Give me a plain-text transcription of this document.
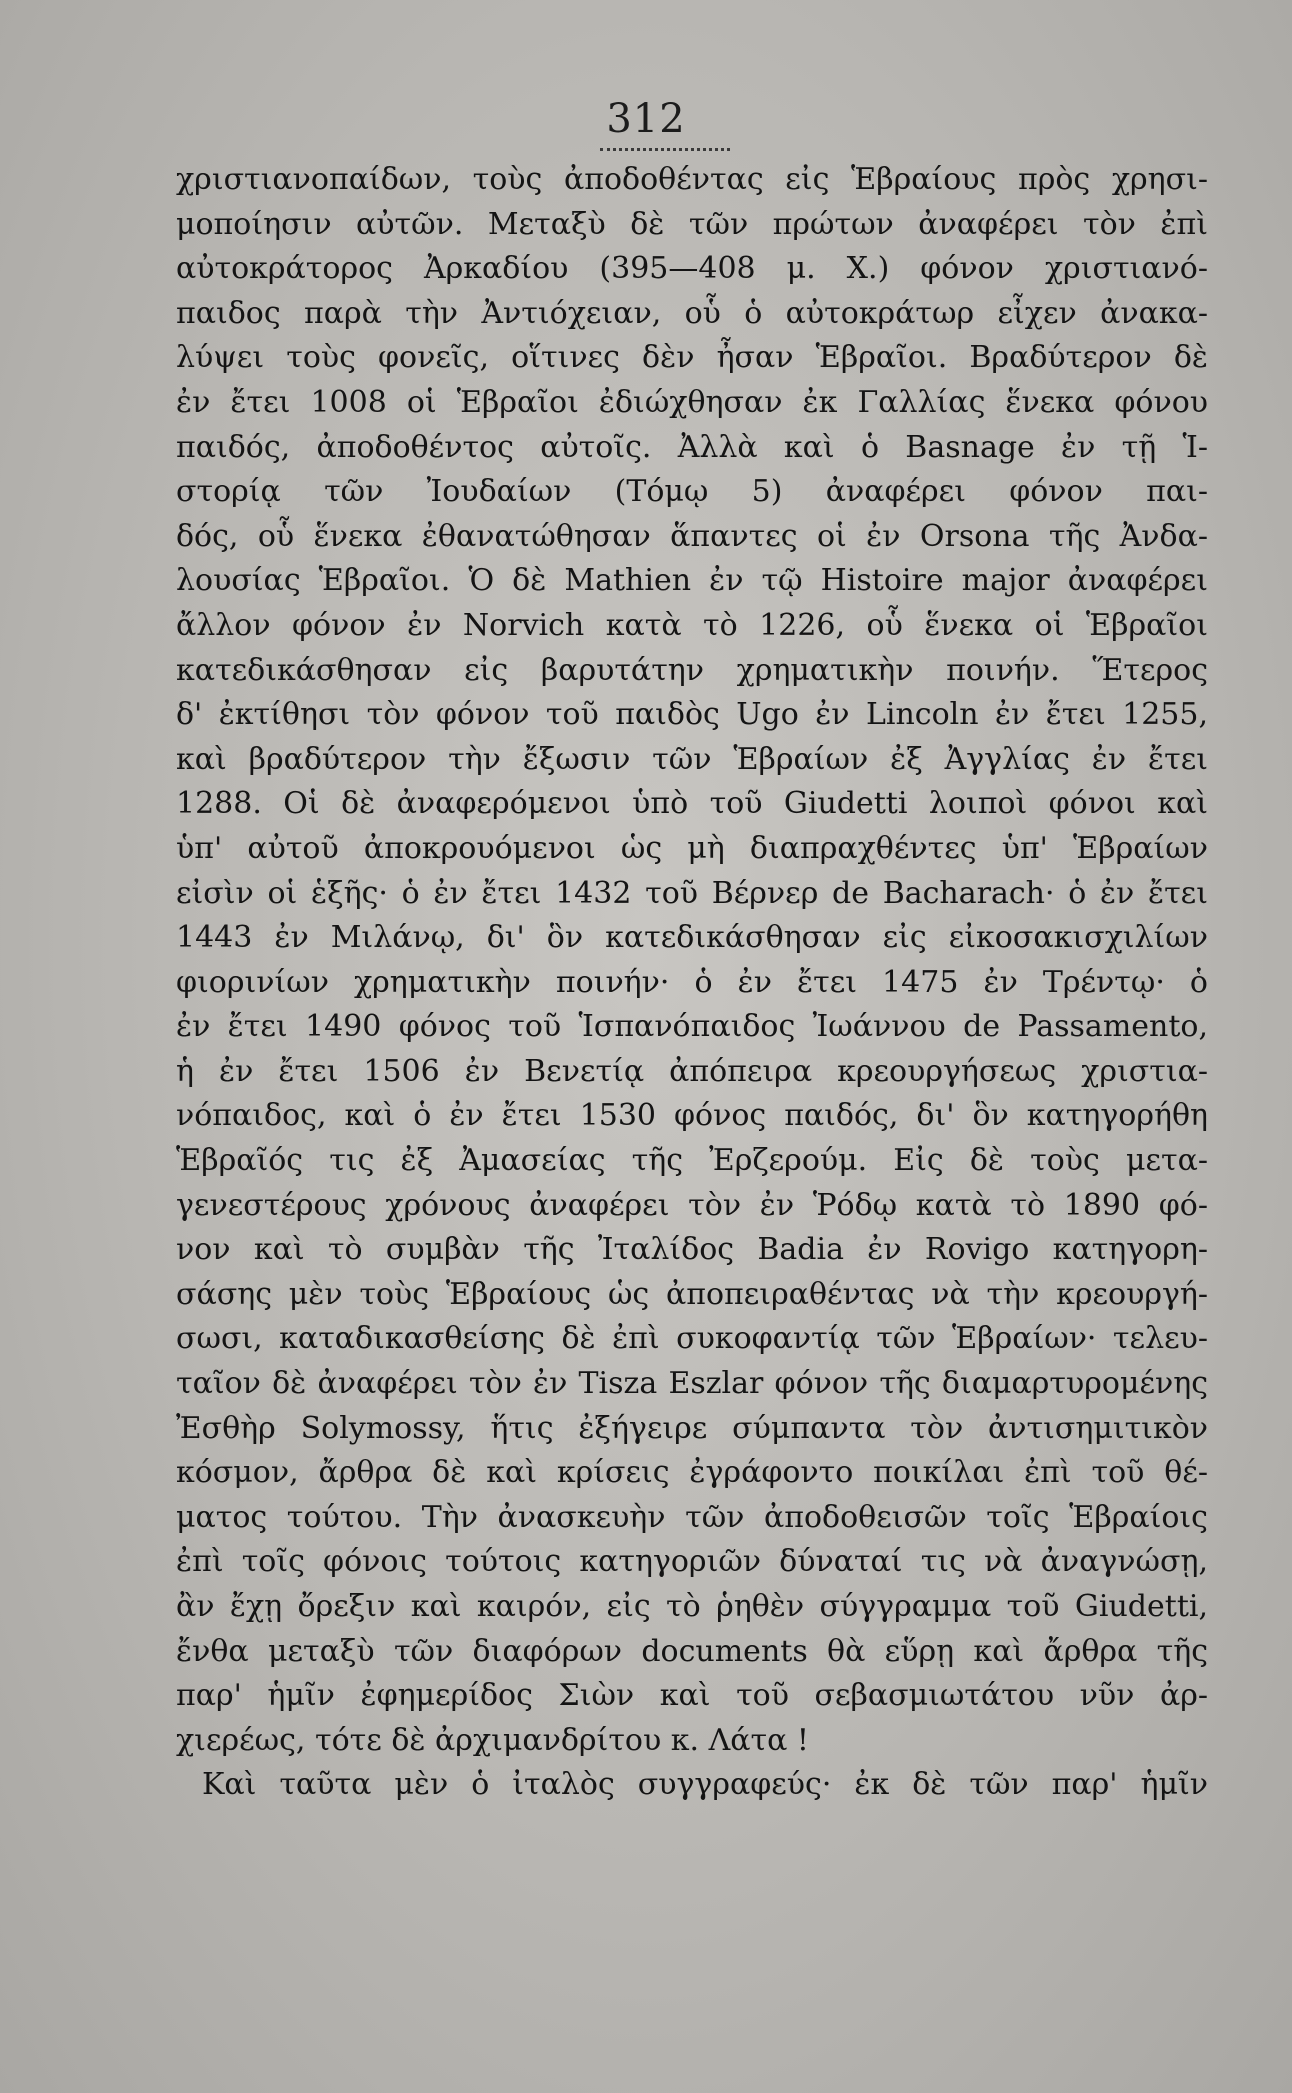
312
χριστιανοπαίδων, τοὺς ἀποδοθέντας εἰς Ἑβραίους πρὸς χρησι-
μοποίησιν αὐτῶν. Μεταξὺ δὲ τῶν πρώτων ἀναφέρει τὸν ἐπὶ
αὐτοκράτορος Ἀρκαδίου (395—408 μ. Χ.) φόνον χριστιανό-
παιδος παρὰ τὴν Ἀντιόχειαν, οὗ ὁ αὐτοκράτωρ εἶχεν ἀνακα-
λύψει τοὺς φονεῖς, οἵτινες δὲν ἦσαν Ἑβραῖοι. Βραδύτερον δὲ
ἐν ἔτει 1008 οἱ Ἑβραῖοι ἐδιώχθησαν ἐκ Γαλλίας ἕνεκα φόνου
παιδός, ἀποδοθέντος αὐτοῖς. Ἀλλὰ καὶ ὁ Basnage ἐν τῇ Ἱ-
στορίᾳ τῶν Ἰουδαίων (Τόμῳ 5) ἀναφέρει φόνον παι-
δός, οὗ ἕνεκα ἐθανατώθησαν ἅπαντες οἱ ἐν Orsona τῆς Ἀνδα-
λουσίας Ἑβραῖοι. Ὁ δὲ Mathien ἐν τῷ Histoire major ἀναφέρει
ἄλλον φόνον ἐν Norvich κατὰ τὸ 1226, οὗ ἕνεκα οἱ Ἑβραῖοι
κατεδικάσθησαν εἰς βαρυτάτην χρηματικὴν ποινήν. Ἕτερος
δ' ἐκτίθησι τὸν φόνον τοῦ παιδὸς Ugo ἐν Lincoln ἐν ἔτει 1255,
καὶ βραδύτερον τὴν ἔξωσιν τῶν Ἑβραίων ἐξ Ἀγγλίας ἐν ἔτει
1288. Οἱ δὲ ἀναφερόμενοι ὑπὸ τοῦ Giudetti λοιποὶ φόνοι καὶ
ὑπ' αὐτοῦ ἀποκρουόμενοι ὡς μὴ διαπραχθέντες ὑπ' Ἑβραίων
εἰσὶν οἱ ἑξῆς· ὁ ἐν ἔτει 1432 τοῦ Βέρνερ de Bacharach· ὁ ἐν ἔτει
1443 ἐν Μιλάνῳ, δι' ὃν κατεδικάσθησαν εἰς εἰκοσακισχιλίων
φιορινίων χρηματικὴν ποινήν· ὁ ἐν ἔτει 1475 ἐν Τρέντῳ· ὁ
ἐν ἔτει 1490 φόνος τοῦ Ἱσπανόπαιδος Ἰωάννου de Passamento,
ἡ ἐν ἔτει 1506 ἐν Βενετίᾳ ἀπόπειρα κρεουργήσεως χριστια-
νόπαιδος, καὶ ὁ ἐν ἔτει 1530 φόνος παιδός, δι' ὃν κατηγορήθη
Ἑβραῖός τις ἐξ Ἀμασείας τῆς Ἐρζερούμ. Εἰς δὲ τοὺς μετα-
γενεστέρους χρόνους ἀναφέρει τὸν ἐν Ῥόδῳ κατὰ τὸ 1890 φό-
νον καὶ τὸ συμβὰν τῆς Ἰταλίδος Badia ἐν Rovigo κατηγορη-
σάσης μὲν τοὺς Ἑβραίους ὡς ἀποπειραθέντας νὰ τὴν κρεουργή-
σωσι, καταδικασθείσης δὲ ἐπὶ συκοφαντίᾳ τῶν Ἑβραίων· τελευ-
ταῖον δὲ ἀναφέρει τὸν ἐν Tisza Eszlar φόνον τῆς διαμαρτυρομένης
Ἐσθὴρ Solymossy, ἥτις ἐξήγειρε σύμπαντα τὸν ἀντισημιτικὸν
κόσμον, ἄρθρα δὲ καὶ κρίσεις ἐγράφοντο ποικίλαι ἐπὶ τοῦ θέ-
ματος τούτου. Τὴν ἀνασκευὴν τῶν ἀποδοθεισῶν τοῖς Ἑβραίοις
ἐπὶ τοῖς φόνοις τούτοις κατηγοριῶν δύναταί τις νὰ ἀναγνώσῃ,
ἂν ἔχῃ ὄρεξιν καὶ καιρόν, εἰς τὸ ῥηθὲν σύγγραμμα τοῦ Giudetti,
ἔνθα μεταξὺ τῶν διαφόρων documents θὰ εὕρῃ καὶ ἄρθρα τῆς
παρ' ἡμῖν ἐφημερίδος Σιὼν καὶ τοῦ σεβασμιωτάτου νῦν ἀρ-
χιερέως, τότε δὲ ἀρχιμανδρίτου κ. Λάτα !
Καὶ ταῦτα μὲν ὁ ἰταλὸς συγγραφεύς· ἐκ δὲ τῶν παρ' ἡμῖν
